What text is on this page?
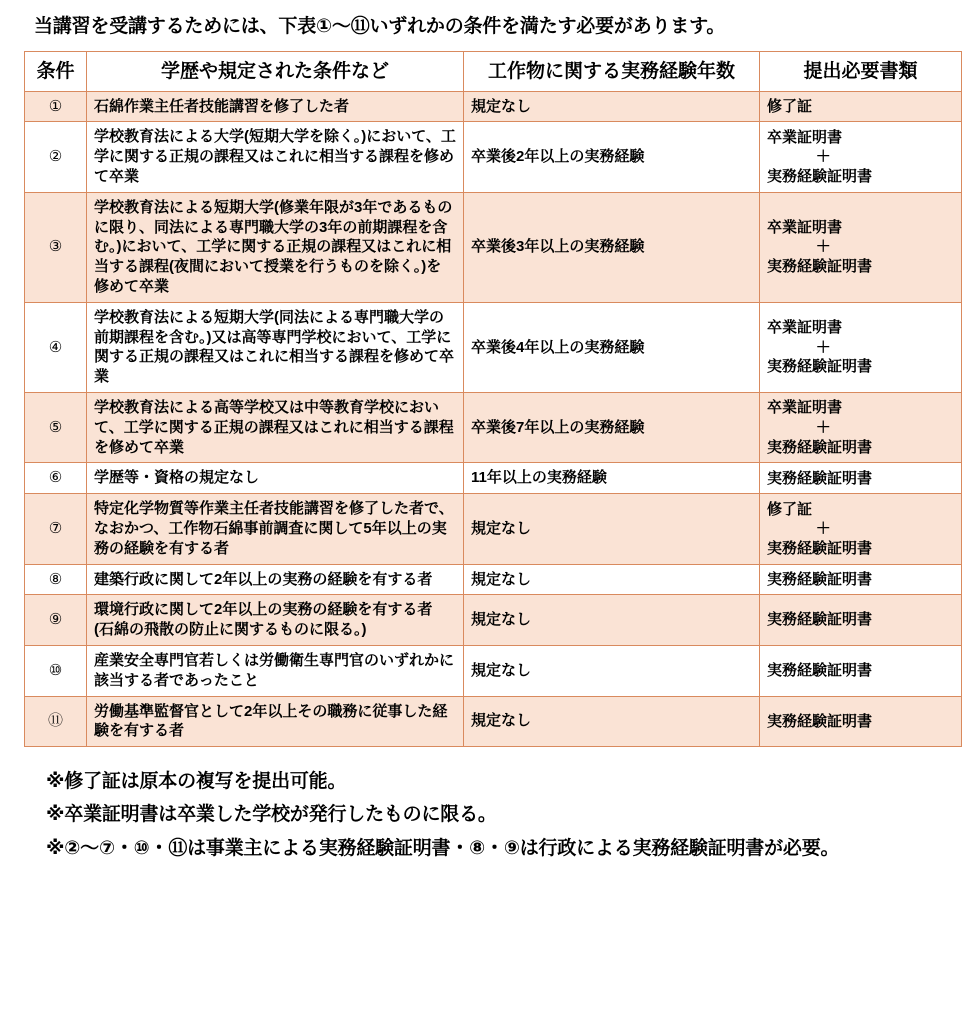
当講習を受講するためには、下表①〜⑪いずれかの条件を満たす必要があります。

条件	学歴や規定された条件など	工作物に関する実務経験年数	提出必要書類
①	石綿作業主任者技能講習を修了した者	規定なし	修了証

②	学校教育法による大学(短期大学を除く。)において、工学に関する正規の課程又はこれに相当する課程を修めて卒業	卒業後2年以上の実務経験	卒業証明書
＋
実務経験証明書

③	学校教育法による短期大学(修業年限が3年であるものに限り、同法による専門職大学の3年の前期課程を含む。)において、工学に関する正規の課程又はこれに相当する課程(夜間において授業を行うものを除く。)を修めて卒業	卒業後3年以上の実務経験	卒業証明書
＋
実務経験証明書

④	学校教育法による短期大学(同法による専門職大学の前期課程を含む。)又は高等専門学校において、工学に関する正規の課程又はこれに相当する課程を修めて卒業	卒業後4年以上の実務経験	卒業証明書
＋
実務経験証明書

⑤	学校教育法による高等学校又は中等教育学校において、工学に関する正規の課程又はこれに相当する課程を修めて卒業	卒業後7年以上の実務経験	卒業証明書
＋
実務経験証明書

⑥	学歴等・資格の規定なし	11年以上の実務経験	実務経験証明書

⑦	特定化学物質等作業主任者技能講習を修了した者で、なおかつ、工作物石綿事前調査に関して5年以上の実務の経験を有する者	規定なし	修了証
＋
実務経験証明書

⑧	建築行政に関して2年以上の実務の経験を有する者	規定なし	実務経験証明書

⑨	環境行政に関して2年以上の実務の経験を有する者
(石綿の飛散の防止に関するものに限る。)	規定なし	実務経験証明書

⑩	産業安全専門官若しくは労働衛生専門官のいずれかに該当する者であったこと	規定なし	実務経験証明書

⑪	労働基準監督官として2年以上その職務に従事した経験を有する者	規定なし	実務経験証明書
※修了証は原本の複写を提出可能。
※卒業証明書は卒業した学校が発行したものに限る。
※②〜⑦・⑩・⑪は事業主による実務経験証明書・⑧・⑨は行政による実務経験証明書が必要。
